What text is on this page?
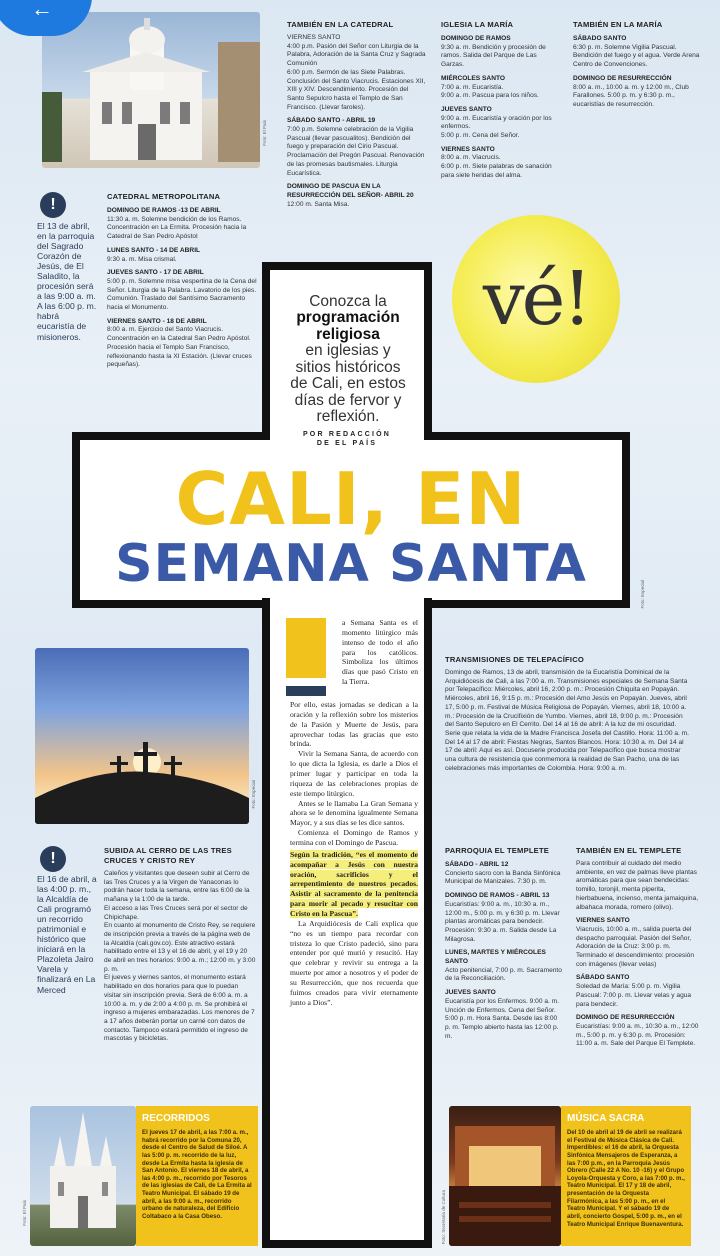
←
Foto: El País
TAMBIÉN EN LA CATEDRAL
VIERNES SANTO
4:00 p.m. Pasión del Señor con Liturgia de la Palabra, Adoración de la Santa Cruz y Sagrada Comunión
6:00 p.m. Sermón de las Siete Palabras. Conclusión del Santo Viacrucis. Estaciones XII, XIII y XIV. Descendimiento. Procesión del Santo Sepulcro hasta el Templo de San Francisco. (Llevar faroles).
SÁBADO SANTO - ABRIL 19
7:00 p.m. Solemne celebración de la Vigilia Pascual (llevar pascualitos). Bendición del fuego y preparación del Cirio Pascual. Proclamación del Pregón Pascual. Renovación de las promesas bautismales. Liturgia Eucarística.
DOMINGO DE PASCUA EN LA RESURRECCIÓN DEL SEÑOR- ABRIL 20
12:00 m. Santa Misa.
IGLESIA LA MARÍA
DOMINGO DE RAMOS
9:30 a. m. Bendición y procesión de ramos. Salida del Parque de Las Garzas.
MIÉRCOLES SANTO
7:00 a. m. Eucaristía.
9:00 a. m. Pascua para los niños.
JUEVES SANTO
9:00 a. m. Eucaristía y oración por los enfermos.
5:00 p. m. Cena del Señor.
VIERNES SANTO
8:00 a. m. Viacrucis.
6:00 p. m. Siete palabras de sanación para siete heridas del alma.
TAMBIÉN EN LA MARÍA
SÁBADO SANTO
6:30 p. m. Solemne Vigilia Pascual. Bendición del fuego y el agua. Verde Arena Centro de Convenciones.
DOMINGO DE RESURRECCIÓN
8:00 a. m., 10:00 a. m. y 12:00 m., Club Farallones. 5:00 p. m. y 6:30 p. m., eucaristías de resurrección.
!
El 13 de abril, en la parroquia del Sagrado Corazón de Jesús, de El Saladito, la procesión será a las 9:00 a. m. A las 6:00 p. m. habrá eucaristía de misioneros.
CATEDRAL METROPOLITANA
DOMINGO DE RAMOS -13 DE ABRIL
11:30 a. m. Solemne bendición de los Ramos. Concentración en La Ermita. Procesión hacia la Catedral de San Pedro Apóstol
LUNES SANTO - 14 DE ABRIL
9:30 a. m. Misa crismal.
JUEVES SANTO - 17 DE ABRIL
5:00 p. m. Solemne misa vespertina de la Cena del Señor. Liturgia de la Palabra. Lavatorio de los pies. Comunión. Traslado del Santísimo Sacramento hacia el Monumento.
VIERNES SANTO - 18 DE ABRIL
8:00 a. m. Ejercicio del Santo Viacrucis. Concentración en la Catedral San Pedro Apóstol. Procesión hacia el Templo San Francisco, reflexionando hasta la XI Estación. (Llevar cruces pequeñas).
vé!
Conozca la
programación religiosa
en iglesias y sitios históricos de Cali, en estos días de fervor y reflexión.
POR REDACCIÓN DE EL PAÍS
CALI, EN
SEMANA SANTA
Foto: Especial
Foto: Especial
a Semana Santa es el momento litúrgico más intenso de todo el año para los católicos. Simboliza los últimos días que pasó Cristo en la Tierra.

Por ello, estas jornadas se dedican a la oración y la reflexión sobre los misterios de la Pasión y Muerte de Jesús, para aprovechar todas las gracias que esto brinda.

Vivir la Semana Santa, de acuerdo con lo que dicta la Iglesia, es darle a Dios el primer lugar y participar en toda la riqueza de las celebraciones propias de este tiempo litúrgico.

Antes se le llamaba La Gran Semana y ahora se le denomina igualmente Semana Mayor, y a sus días se les dice santos.

Comienza el Domingo de Ramos y termina con el Domingo de Pascua.

Según la tradición, “es el momento de acompañar a Jesús con nuestra oración, sacrificios y el arrepentimiento de nuestros pecados. Asistir al sacramento de la penitencia para morir al pecado y resucitar con Cristo en la Pascua”.

La Arquidiócesis de Cali explica que “no es un tiempo para recordar con tristeza lo que Cristo padeció, sino para entender por qué murió y resucitó. Hay que celebrar y revivir su entrega a la muerte por amor a nosotros y el poder de su Resurrección, que nos recuerda que fuimos creados para vivir eternamente junto a Dios”.

TRANSMISIONES DE TELEPACÍFICO
Domingo de Ramos, 13 de abril, transmisión de la Eucaristía Dominical de la Arquidiócesis de Cali, a las 7:00 a. m. Transmisiones especiales de Semana Santa por Telepacífico: Miércoles, abril 16, 2:00 p. m.: Procesión Chiquita en Popayán. Miércoles, abril 16, 9:15 p. m.: Procesión del Amo Jesús en Popayán. Jueves, abril 17, 5:00 p. m. Festival de Música Religiosa de Popayán. Viernes, abril 18, 10:00 a. m.: Procesión de la Crucifixión de Yumbo. Viernes, abril 18, 9:00 p. m.: Procesión del Santo Sepulcro en El Cerrito. Del 14 al 16 de abril: A la luz de mi oscuridad. Serie que relata la vida de la Madre Francisca Josefa del Castillo. Hora: 11:00 a. m. Del 14 al 17 de abril: Fiestas Negras, Santos Blancos. Hora: 10:30 a. m. Del 14 al 17 de abril: Aquí es así. Docuserie producida por Telepacífico que busca mostrar una cultura de resistencia que conmemora la realidad de San Pacho, una de las celebraciones más importantes de Colombia. Hora: 9:00 a. m.
!
El 16 de abril, a las 4:00 p. m., la Alcaldía de Cali programó un recorrido patrimonial e histórico que iniciará en la Plazoleta Jairo Varela y finalizará en La Merced
SUBIDA AL CERRO DE LAS TRES CRUCES Y CRISTO REY
Caleños y visitantes que deseen subir al Cerro de las Tres Cruces y a la Virgen de Yanaconas lo podrán hacer toda la semana, entre las 6:00 de la mañana y la 1:00 de la tarde.
El acceso a las Tres Cruces será por el sector de Chipichape.
En cuanto al monumento de Cristo Rey, se requiere de inscripción previa a través de la página web de la Alcaldía (cali.gov.co). Este atractivo estará habilitado entre el 13 y el 16 de abril, y el 19 y 20 de abril en tres horarios: 9:00 a. m.; 12:00 m. y 3:00 p. m.
El jueves y viernes santos, el monumento estará habilitado en dos horarios para que lo puedan visitar sin inscripción previa. Será de 6:00 a. m. a 10:00 a. m. y de 2:00 a 4:00 p. m. Se prohibirá el ingreso a mujeres embarazadas. Los menores de 7 a 17 años deberán portar un carné con datos de contacto. Tampoco estará permitido el ingreso de mascotas y bicicletas.
PARROQUIA EL TEMPLETE
SÁBADO - ABRIL 12
Concierto sacro con la Banda Sinfónica Municipal de Manizales. 7:30 p. m.
DOMINGO DE RAMOS - ABRIL 13
Eucaristías: 9:00 a. m., 10:30 a. m., 12:00 m., 5:00 p. m. y 6:30 p. m. Llevar plantas aromáticas para bendecir. Procesión: 9:30 a. m. Salida desde La Milagrosa.
LUNES, MARTES Y MIÉRCOLES SANTO
Acto penitencial, 7:00 p. m. Sacramento de la Reconciliación.
JUEVES SANTO
Eucaristía por los Enfermos. 9:00 a. m. Unción de Enfermos. Cena del Señor. 5:00 p. m. Hora Santa. Desde las 8:00 p. m. Templo abierto hasta las 12:00 p. m.
TAMBIÉN EN EL TEMPLETE
Para contribuir al cuidado del medio ambiente, en vez de palmas lleve plantas aromáticas para que sean bendecidas: tomillo, toronjil, menta piperita, hierbabuena, incienso, menta jamaiquina, albahaca morada, romero (olivo).
VIERNES SANTO
Viacrucis, 10:00 a. m., salida puerta del despacho parroquial. Pasión del Señor, Adoración de la Cruz: 3:00 p. m. Terminado el descendimiento: procesión con imágenes (llevar velas)
SÁBADO SANTO
Soledad de María: 5:00 p. m. Vigilia Pascual: 7:00 p. m. Llevar velas y agua para bendecir.
DOMINGO DE RESURRECCIÓN
Eucaristías: 9:00 a. m., 10:30 a. m., 12:00 m., 5:00 p. m. y 6:30 p. m. Procesión: 11:00 a. m. Sale del Parque El Templete.
Foto: El País
RECORRIDOS
El jueves 17 de abril, a las 7:00 a. m., habrá recorrido por la Comuna 20, desde el Centro de Salud de Siloé. A las 5:00 p. m. recorrido de la luz, desde La Ermita hasta la iglesia de San Antonio. El viernes 18 de abril, a las 4:00 p. m., recorrido por Tesoros de las iglesias de Cali, de La Ermita al Teatro Municipal. El sábado 19 de abril, a las 9:00 a. m., recorrido urbano de naturaleza, del Edificio Coltabaco a la Casa Obeso.	Foto: Secretaría de Cultura
MÚSICA SACRA
Del 10 de abril al 19 de abril se realizará el Festival de Música Clásica de Cali. Imperdibles: el 16 de abril, la Orquesta Sinfónica Mensajeros de Esperanza, a las 7:00 p.m., en la Parroquia Jesús Obrero (Calle 22 A No. 10 -16) y el Grupo Loyola-Orquesta y Coro, a las 7:00 p. m., Teatro Municipal. El 17 y 18 de abril, presentación de la Orquesta Filarmónica, a las 5:00 p. m., en el Teatro Municipal. Y el sábado 19 de abril, concierto Gospel, 5:00 p. m., en el Teatro Municipal Enrique Buenaventura.
